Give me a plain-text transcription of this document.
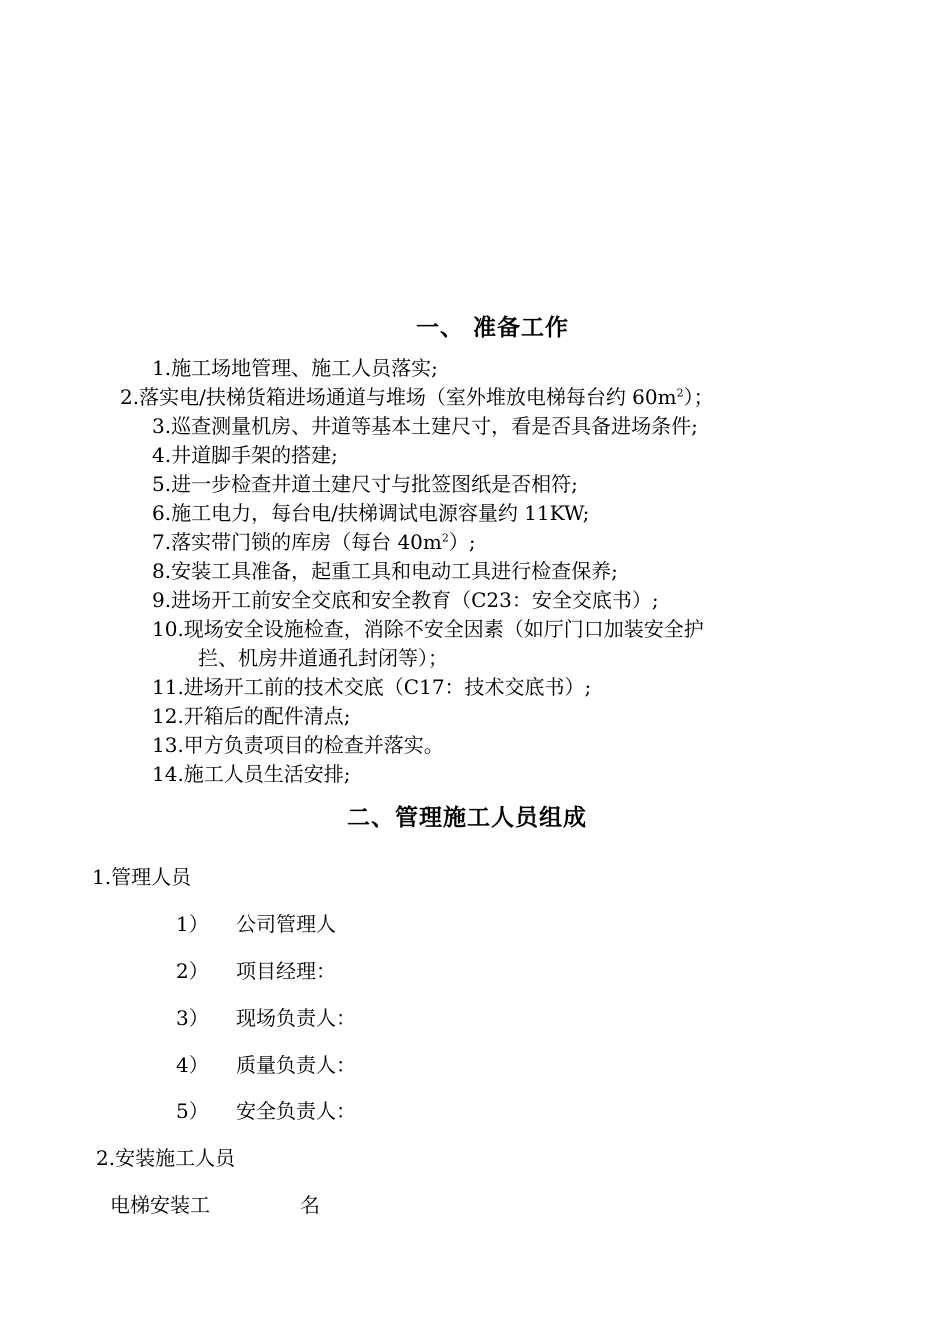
一、 准备工作
1.施工场地管理、施工人员落实;
2.落实电/扶梯货箱进场通道与堆场（室外堆放电梯每台约 $60m^2$）；
3.巡查测量机房、井道等基本土建尺寸，看是否具备进场条件;
4.井道脚手架的搭建;
5.进一步检查井道土建尺寸与批签图纸是否相符;
6.施工电力，每台电/扶梯调试电源容量约 11KW;
7.落实带门锁的库房（每台 $40m^2$）;
8.安装工具准备，起重工具和电动工具进行检查保养;
9.进场开工前安全交底和安全教育（C23：安全交底书）;
10.现场安全设施检查，消除不安全因素（如厅门口加装安全护
拦、机房井道通孔封闭等）；
11.进场开工前的技术交底（C17：技术交底书）;
12.开箱后的配件清点;
13.甲方负责项目的检查并落实。
14.施工人员生活安排;
二、管理施工人员组成
1.管理人员
1） 公司管理人
2） 项目经理：
3） 现场负责人：
4） 质量负责人：
5） 安全负责人：
2.安装施工人员
电梯安装工	名
